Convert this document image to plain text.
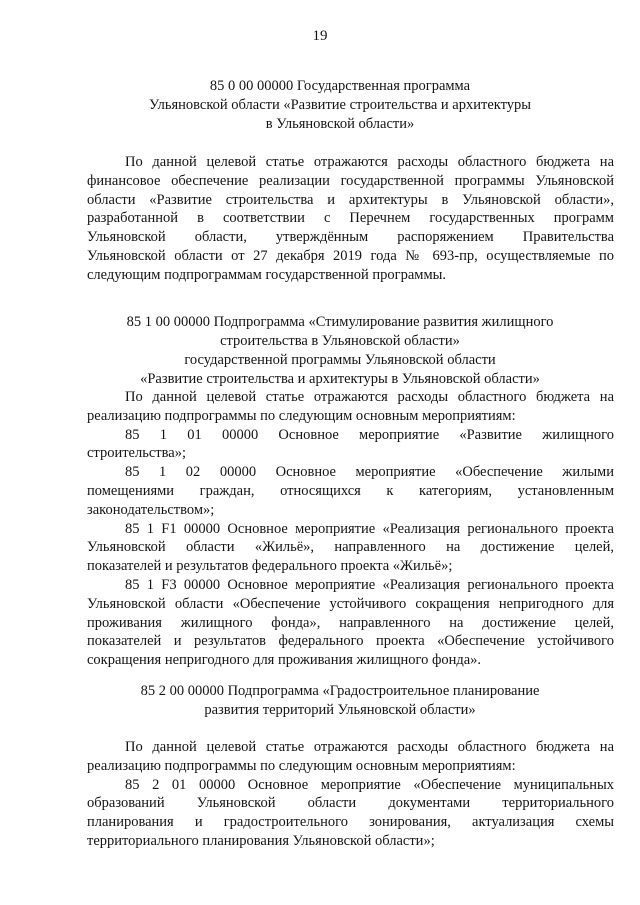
19
85 0 00 00000 Государственная программа
Ульяновской области «Развитие строительства и архитектуры
в Ульяновской области»
По данной целевой статье отражаются расходы областного бюджета на
финансовое обеспечение реализации государственной программы Ульяновской
области «Развитие строительства и архитектуры в Ульяновской области»,
разработанной в соответствии с Перечнем государственных программ
Ульяновской области, утверждённым распоряжением Правительства
Ульяновской области от 27 декабря 2019 года № 693-пр, осуществляемые по
следующим подпрограммам государственной программы.
85 1 00 00000 Подпрограмма «Стимулирование развития жилищного
строительства в Ульяновской области»
государственной программы Ульяновской области
«Развитие строительства и архитектуры в Ульяновской области»
По данной целевой статье отражаются расходы областного бюджета на
реализацию подпрограммы по следующим основным мероприятиям:
85 1 01 00000 Основное мероприятие «Развитие жилищного
строительства»;
85 1 02 00000 Основное мероприятие «Обеспечение жилыми
помещениями граждан, относящихся к категориям, установленным
законодательством»;
85 1 F1 00000 Основное мероприятие «Реализация регионального проекта
Ульяновской области «Жильё», направленного на достижение целей,
показателей и результатов федерального проекта «Жильё»;
85 1 F3 00000 Основное мероприятие «Реализация регионального проекта
Ульяновской области «Обеспечение устойчивого сокращения непригодного для
проживания жилищного фонда», направленного на достижение целей,
показателей и результатов федерального проекта «Обеспечение устойчивого
сокращения непригодного для проживания жилищного фонда».
85 2 00 00000 Подпрограмма «Градостроительное планирование
развития территорий Ульяновской области»
По данной целевой статье отражаются расходы областного бюджета на
реализацию подпрограммы по следующим основным мероприятиям:
85 2 01 00000 Основное мероприятие «Обеспечение муниципальных
образований Ульяновской области документами территориального
планирования и градостроительного зонирования, актуализация схемы
территориального планирования Ульяновской области»;
